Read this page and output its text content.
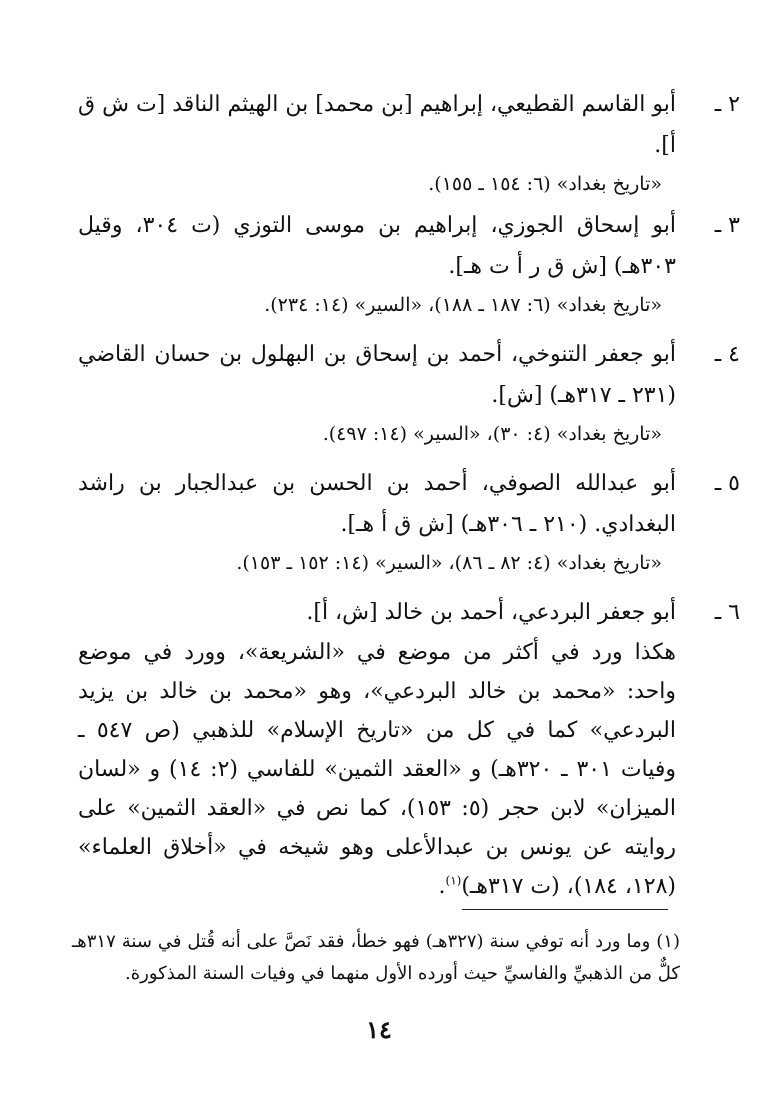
٢ ـ
أبو القاسم القطيعي، إبراهيم [بن محمد] بن الهيثم الناقد [ت ش ق أ].
«تاريخ بغداد» (٦: ١٥٤ ـ ١٥٥).
٣ ـ
أبو إسحاق الجوزي، إبراهيم بن موسى التوزي (ت ٣٠٤، وقيل ٣٠٣هـ) [ش ق ر أ ت هـ].
«تاريخ بغداد» (٦: ١٨٧ ـ ١٨٨)، «السير» (١٤: ٢٣٤).
٤ ـ
أبو جعفر التنوخي، أحمد بن إسحاق بن البهلول بن حسان القاضي (٢٣١ ـ ٣١٧هـ) [ش].
«تاريخ بغداد» (٤: ٣٠)، «السير» (١٤: ٤٩٧).
٥ ـ
أبو عبدالله الصوفي، أحمد بن الحسن بن عبدالجبار بن راشد البغدادي. (٢١٠ ـ ٣٠٦هـ) [ش ق أ هـ].
«تاريخ بغداد» (٤: ٨٢ ـ ٨٦)، «السير» (١٤: ١٥٢ ـ ١٥٣).
٦ ـ
أبو جعفر البردعي، أحمد بن خالد [ش، أ].
هكذا ورد في أكثر من موضع في «الشريعة»، وورد في موضع واحد: «محمد بن خالد البردعي»، وهو «محمد بن خالد بن يزيد البردعي» كما في كل من «تاريخ الإسلام» للذهبي (ص ٥٤٧ ـ وفيات ٣٠١ ـ ٣٢٠هـ) و «العقد الثمين» للفاسي (٢: ١٤) و «لسان الميزان» لابن حجر (٥: ١٥٣)، كما نص في «العقد الثمين» على روايته عن يونس بن عبدالأعلى وهو شيخه في «أخلاق العلماء» (١٢٨، ١٨٤)، (ت ٣١٧هـ)$^{(١)}$.
(١) وما ورد أنه توفي سنة (٣٢٧هـ) فهو خطأ، فقد نَصَّ على أنه قُتل في سنة ٣١٧هـ كلٌّ من الذهبيِّ والفاسيِّ حيث أورده الأول منهما في وفيات السنة المذكورة.
١٤
